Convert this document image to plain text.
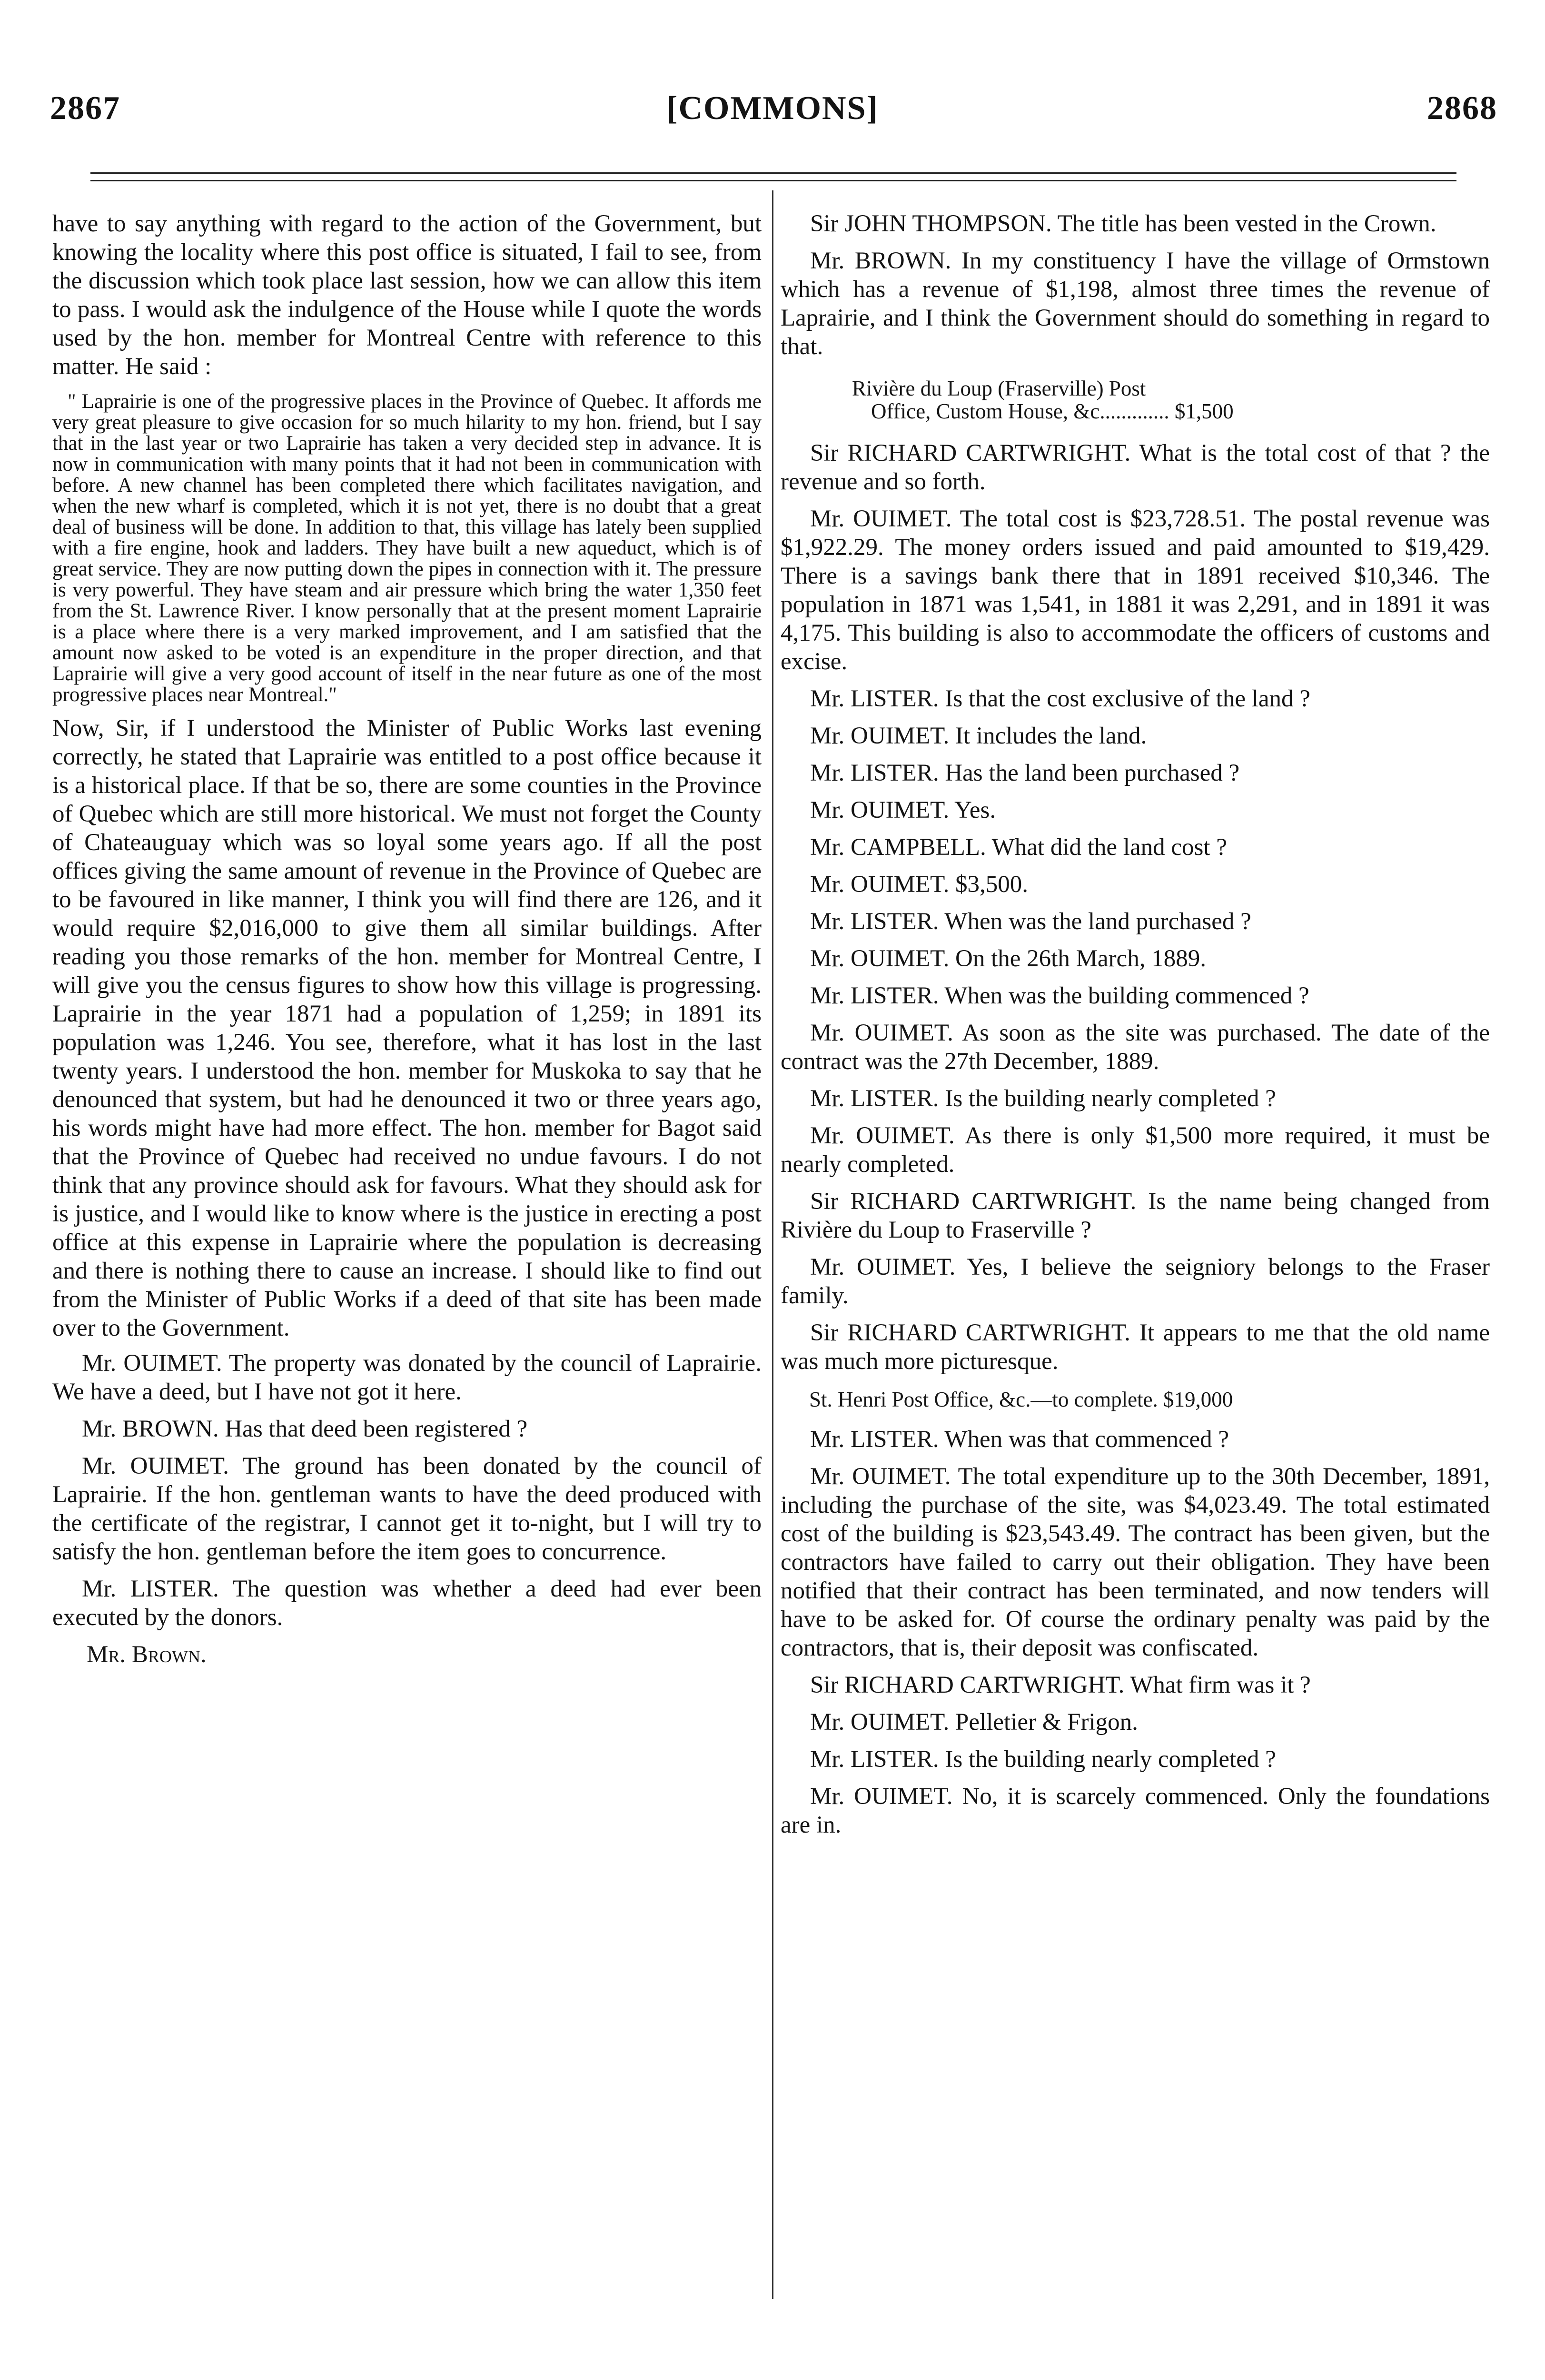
2867	[COMMONS]	2868

have to say anything with regard to the action of the Government, but knowing the locality where this post office is situated, I fail to see, from the discussion which took place last session, how we can allow this item to pass. I would ask the indulgence of the House while I quote the words used by the hon. member for Montreal Centre with reference to this matter. He said :

" Laprairie is one of the progressive places in the Province of Quebec. It affords me very great pleasure to give occasion for so much hilarity to my hon. friend, but I say that in the last year or two Laprairie has taken a very decided step in advance. It is now in communication with many points that it had not been in communication with before. A new channel has been completed there which facilitates navigation, and when the new wharf is completed, which it is not yet, there is no doubt that a great deal of business will be done. In addition to that, this village has lately been supplied with a fire engine, hook and ladders. They have built a new aqueduct, which is of great service. They are now putting down the pipes in connection with it. The pressure is very powerful. They have steam and air pressure which bring the water 1,350 feet from the St. Lawrence River. I know personally that at the present moment Laprairie is a place where there is a very marked improvement, and I am satisfied that the amount now asked to be voted is an expenditure in the proper direction, and that Laprairie will give a very good account of itself in the near future as one of the most progressive places near Montreal."

Now, Sir, if I understood the Minister of Public Works last evening correctly, he stated that Laprairie was entitled to a post office because it is a historical place. If that be so, there are some counties in the Province of Quebec which are still more historical. We must not forget the County of Chateauguay which was so loyal some years ago. If all the post offices giving the same amount of revenue in the Province of Quebec are to be favoured in like manner, I think you will find there are 126, and it would require $2,016,000 to give them all similar buildings. After reading you those remarks of the hon. member for Montreal Centre, I will give you the census figures to show how this village is progressing. Laprairie in the year 1871 had a population of 1,259; in 1891 its population was 1,246. You see, therefore, what it has lost in the last twenty years. I understood the hon. member for Muskoka to say that he denounced that system, but had he denounced it two or three years ago, his words might have had more effect. The hon. member for Bagot said that the Province of Quebec had received no undue favours. I do not think that any province should ask for favours. What they should ask for is justice, and I would like to know where is the justice in erecting a post office at this expense in Laprairie where the population is decreasing and there is nothing there to cause an increase. I should like to find out from the Minister of Public Works if a deed of that site has been made over to the Government.

Mr. OUIMET. The property was donated by the council of Laprairie. We have a deed, but I have not got it here.

Mr. BROWN. Has that deed been registered ?

Mr. OUIMET. The ground has been donated by the council of Laprairie. If the hon. gentleman wants to have the deed produced with the certificate of the registrar, I cannot get it to-night, but I will try to satisfy the hon. gentleman before the item goes to concurrence.

Mr. LISTER. The question was whether a deed had ever been executed by the donors.

Mr. Brown.

Sir JOHN THOMPSON. The title has been vested in the Crown.

Mr. BROWN. In my constituency I have the village of Ormstown which has a revenue of $1,198, almost three times the revenue of Laprairie, and I think the Government should do something in regard to that.

Rivière du Loup (Fraserville) Post
Office, Custom House, &c............. $1,500

Sir RICHARD CARTWRIGHT. What is the total cost of that ? the revenue and so forth.

Mr. OUIMET. The total cost is $23,728.51. The postal revenue was $1,922.29. The money orders issued and paid amounted to $19,429. There is a savings bank there that in 1891 received $10,346. The population in 1871 was 1,541, in 1881 it was 2,291, and in 1891 it was 4,175. This building is also to accommodate the officers of customs and excise.

Mr. LISTER. Is that the cost exclusive of the land ?

Mr. OUIMET. It includes the land.

Mr. LISTER. Has the land been purchased ?

Mr. OUIMET. Yes.

Mr. CAMPBELL. What did the land cost ?

Mr. OUIMET. $3,500.

Mr. LISTER. When was the land purchased ?

Mr. OUIMET. On the 26th March, 1889.

Mr. LISTER. When was the building commenced ?

Mr. OUIMET. As soon as the site was purchased. The date of the contract was the 27th December, 1889.

Mr. LISTER. Is the building nearly completed ?

Mr. OUIMET. As there is only $1,500 more required, it must be nearly completed.

Sir RICHARD CARTWRIGHT. Is the name being changed from Rivière du Loup to Fraserville ?

Mr. OUIMET. Yes, I believe the seigniory belongs to the Fraser family.

Sir RICHARD CARTWRIGHT. It appears to me that the old name was much more picturesque.

St. Henri Post Office, &c.—to complete. $19,000

Mr. LISTER. When was that commenced ?

Mr. OUIMET. The total expenditure up to the 30th December, 1891, including the purchase of the site, was $4,023.49. The total estimated cost of the building is $23,543.49. The contract has been given, but the contractors have failed to carry out their obligation. They have been notified that their contract has been terminated, and now tenders will have to be asked for. Of course the ordinary penalty was paid by the contractors, that is, their deposit was confiscated.

Sir RICHARD CARTWRIGHT. What firm was it ?

Mr. OUIMET. Pelletier & Frigon.

Mr. LISTER. Is the building nearly completed ?

Mr. OUIMET. No, it is scarcely commenced. Only the foundations are in.
